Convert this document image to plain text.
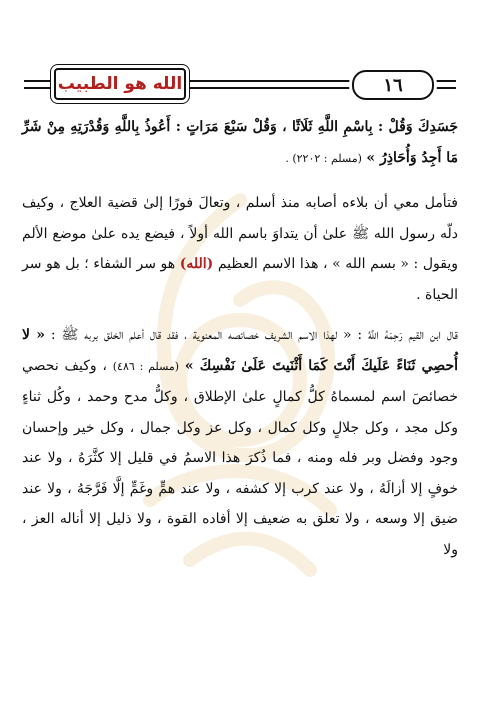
الله هو الطبيب	١٦

جَسَدِكَ وَقُلْ : بِاسْمِ اللَّهِ ثَلَاثًا ، وَقُلْ سَبْعَ مَرَاتٍ : أَعُوذُ بِاللَّهِ وَقُدْرَتِهِ مِنْ شَرِّ مَا أَجِدُ وَأُحَاذِرُ » (مسلم : ٢٢٠٢) .

فتأمل معي أن بلاءه أصابه منذ أسلم ، وتعالَ فورًا إلىٰ قضية العلاج ، وكيف دلّه رسول الله ﷺ علىٰ أن يتداوَ باسم الله أولاً ، فيضع يده علىٰ موضع الألم ويقول : « بسم الله » ، هذا الاسم العظيم (الله) هو سر الشفاء ؛ بل هو سر الحياة .

قال ابن القيم رَحِمَهُ اللَّهُ : « لهذا الاسم الشريف خصائصه المعنوية ، فقد قال أعلم الخلق بربه ﷺ : « لا أُحصِي ثَنَاءً عَلَيكَ أَنْتَ كَمَا أَثْنَيتَ عَلَىٰ نَفْسِكَ » (مسلم : ٤٨٦) ، وكيف نحصي خصائصَ اسم لمسماهُ كلُّ كمالٍ علىٰ الإطلاق ، وكلُّ مدح وحمد ، وكُل ثناءٍ وكل مجد ، وكل جلالٍ وكل كمال ، وكل عز وكل جمال ، وكل خير وإحسان وجود وفضل وبر فله ومنه ، فما ذُكرَ هذا الاسمُ في قليل إلا كثَّرَهُ ، ولا عند خوفٍ إلا أزالَهُ ، ولا عند كرب إلا كشفه ، ولا عند همٍّ وغَمٍّ إلَّا فَرَّجَهُ ، ولا عند ضيق إلا وسعه ، ولا تعلق به ضعيف إلا أفاده القوة ، ولا ذليل إلا أناله العز ، ولا
